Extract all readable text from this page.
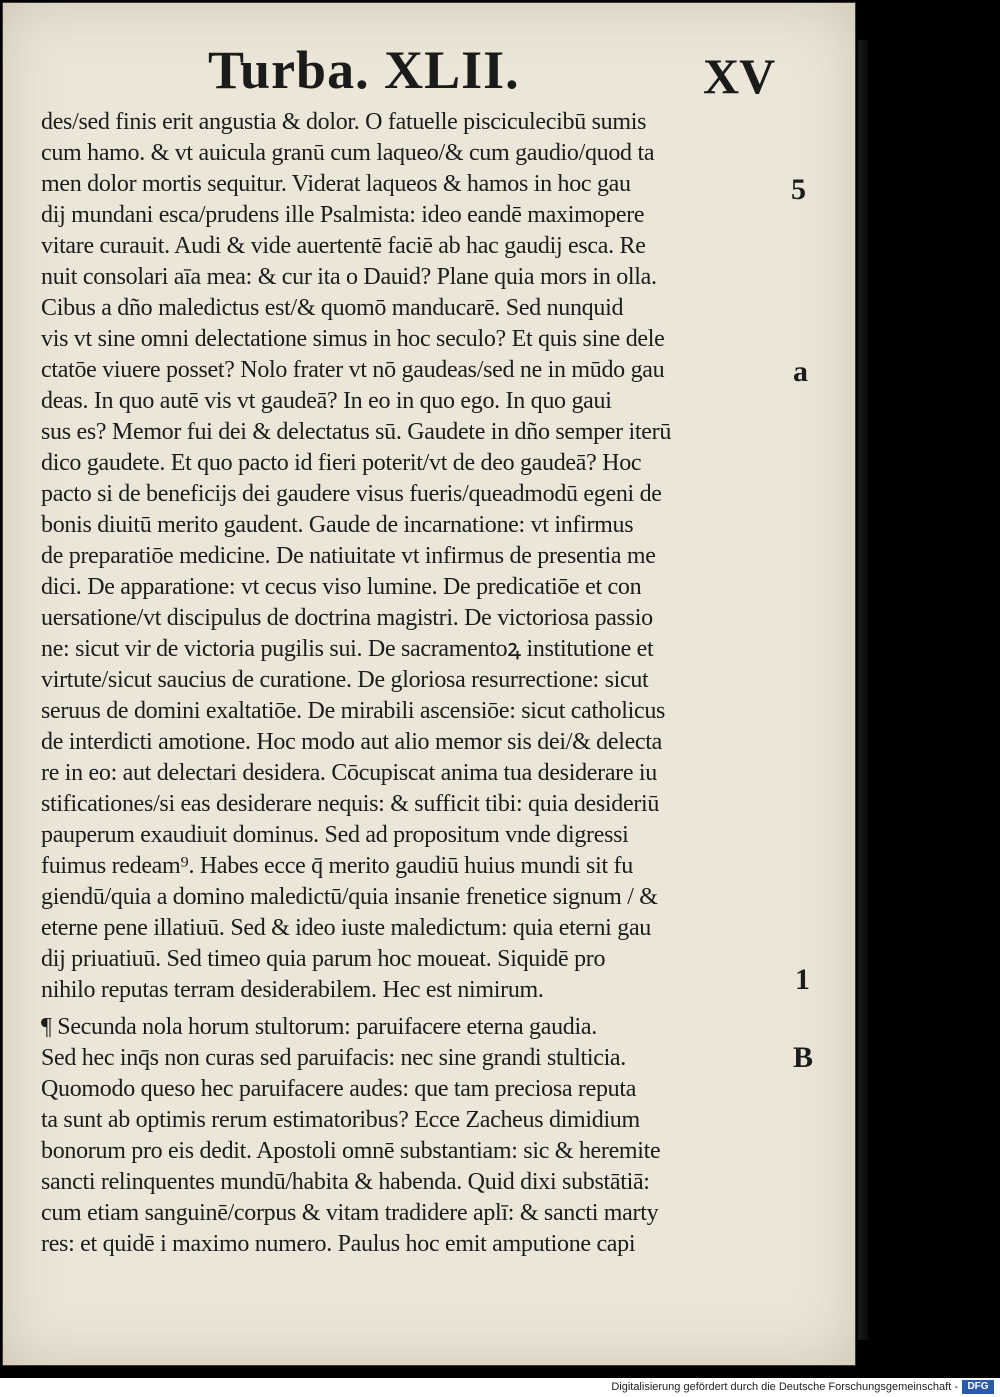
Turba. XLII.	XV
des/sed finis erit angustia & dolor. O fatuelle pisciculecibū sumis
cum hamo. & vt auicula granū cum laqueo/& cum gaudio/quod ta
men dolor mortis sequitur. Viderat laqueos & hamos in hoc gau
dij mundani esca/prudens ille Psalmista: ideo eandē maximopere
vitare curauit. Audi & vide auertentē faciē ab hac gaudij esca. Re
nuit consolari aīa mea: & cur ita o Dauid? Plane quia mors in olla.
Cibus a dño maledictus est/& quomō manducarē. Sed nunquid
vis vt sine omni delectatione simus in hoc seculo? Et quis sine dele
ctatōe viuere posset? Nolo frater vt nō gaudeas/sed ne in mūdo gau
deas. In quo autē vis vt gaudeā? In eo in quo ego. In quo gaui
sus es? Memor fui dei & delectatus sū. Gaudete in dño semper iterū
dico gaudete. Et quo pacto id fieri poterit/vt de deo gaudeā? Hoc
pacto si de beneficijs dei gaudere visus fueris/queadmodū egeni de
bonis diuitū merito gaudent. Gaude de incarnatione: vt infirmus
de preparatiōe medicine. De natiuitate vt infirmus de presentia me
dici. De apparatione: vt cecus viso lumine. De predicatiōe et con
uersatione/vt discipulus de doctrina magistri. De victoriosa passio
ne: sicut vir de victoria pugilis sui. De sacramentoꝝ institutione et
virtute/sicut saucius de curatione. De gloriosa resurrectione: sicut
seruus de domini exaltatiōe. De mirabili ascensiōe: sicut catholicus
de interdicti amotione. Hoc modo aut alio memor sis dei/& delecta
re in eo: aut delectari desidera. Cōcupiscat anima tua desiderare iu
stificationes/si eas desiderare nequis: & sufficit tibi: quia desideriū
pauperum exaudiuit dominus. Sed ad propositum vnde digressi
fuimus redeam⁹. Habes ecce q̄ merito gaudiū huius mundi sit fu
giendū/quia a domino maledictū/quia insanie frenetice signum / &
eterne pene illatiuū. Sed & ideo iuste maledictum: quia eterni gau
dij priuatiuū. Sed timeo quia parum hoc moueat. Siquidē pro
nihilo reputas terram desiderabilem. Hec est nimirum.
¶ Secunda nola horum stultorum: paruifacere eterna gaudia.
Sed hec inq̄s non curas sed paruifacis: nec sine grandi stulticia.
Quomodo queso hec paruifacere audes: que tam preciosa reputa
ta sunt ab optimis rerum estimatoribus? Ecce Zacheus dimidium
bonorum pro eis dedit. Apostoli omnē substantiam: sic & heremite
sancti relinquentes mundū/habita & habenda. Quid dixi substātiā:
cum etiam sanguinē/corpus & vitam tradidere aplī: & sancti marty
res: et quidē i maximo numero. Paulus hoc emit amputione capi
5
a
1
B
Digitalisierung gefördert durch die Deutsche Forschungsgemeinschaft - DFG
